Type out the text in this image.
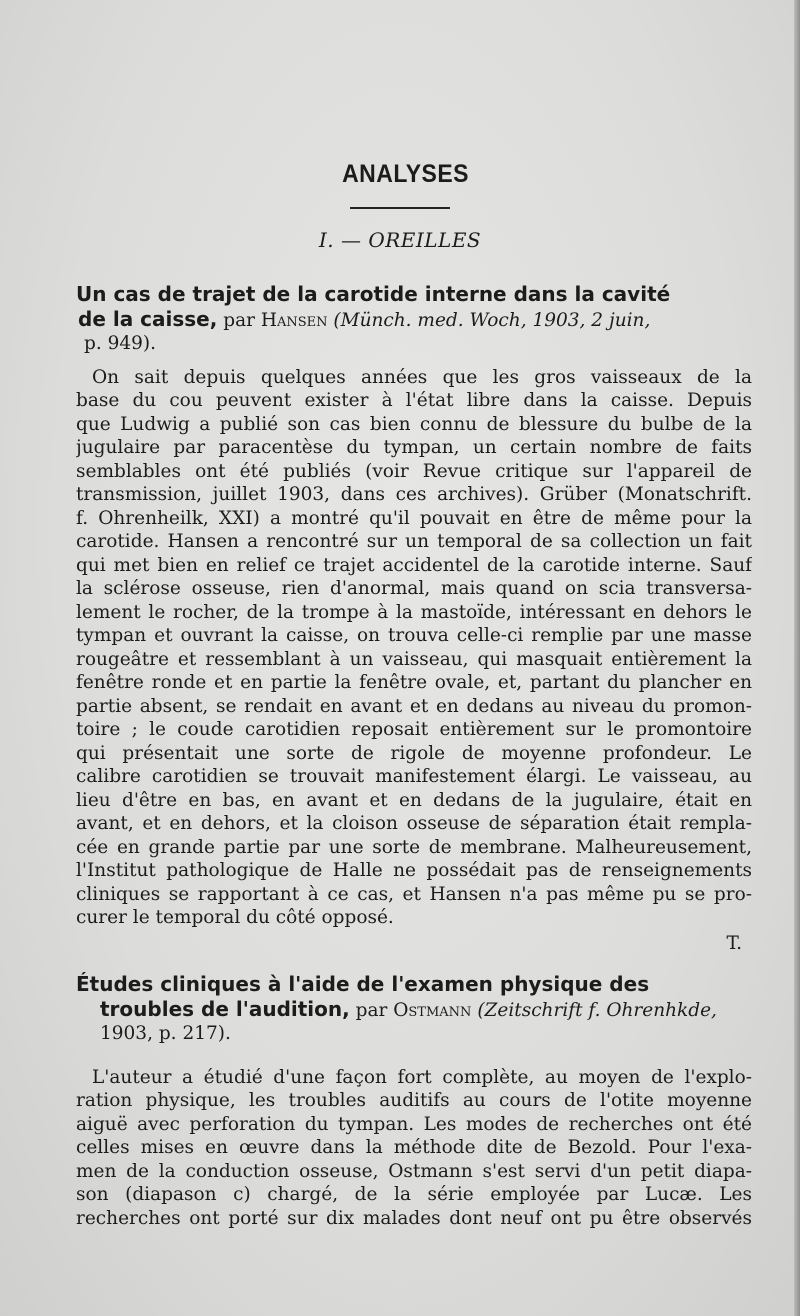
ANALYSES
I. — OREILLES
Un cas de trajet de la carotide interne dans la cavité
de la caisse, par Hansen (Münch. med. Woch, 1903, 2 juin,
p. 949).
On sait depuis quelques années que les gros vaisseaux de la
base du cou peuvent exister à l'état libre dans la caisse. Depuis
que Ludwig a publié son cas bien connu de blessure du bulbe de la
jugulaire par paracentèse du tympan, un certain nombre de faits
semblables ont été publiés (voir Revue critique sur l'appareil de
transmission, juillet 1903, dans ces archives). Grüber (Monatschrift.
f. Ohrenheilk, XXI) a montré qu'il pouvait en être de même pour la
carotide. Hansen a rencontré sur un temporal de sa collection un fait
qui met bien en relief ce trajet accidentel de la carotide interne. Sauf
la sclérose osseuse, rien d'anormal, mais quand on scia transversa-
lement le rocher, de la trompe à la mastoïde, intéressant en dehors le
tympan et ouvrant la caisse, on trouva celle-ci remplie par une masse
rougeâtre et ressemblant à un vaisseau, qui masquait entièrement la
fenêtre ronde et en partie la fenêtre ovale, et, partant du plancher en
partie absent, se rendait en avant et en dedans au niveau du promon-
toire ; le coude carotidien reposait entièrement sur le promontoire
qui présentait une sorte de rigole de moyenne profondeur. Le
calibre carotidien se trouvait manifestement élargi. Le vaisseau, au
lieu d'être en bas, en avant et en dedans de la jugulaire, était en
avant, et en dehors, et la cloison osseuse de séparation était rempla-
cée en grande partie par une sorte de membrane. Malheureusement,
l'Institut pathologique de Halle ne possédait pas de renseignements
cliniques se rapportant à ce cas, et Hansen n'a pas même pu se pro-
curer le temporal du côté opposé.
T.
Études cliniques à l'aide de l'examen physique des
troubles de l'audition, par Ostmann (Zeitschrift f. Ohrenhkde,
1903, p. 217).
L'auteur a étudié d'une façon fort complète, au moyen de l'explo-
ration physique, les troubles auditifs au cours de l'otite moyenne
aiguë avec perforation du tympan. Les modes de recherches ont été
celles mises en œuvre dans la méthode dite de Bezold. Pour l'exa-
men de la conduction osseuse, Ostmann s'est servi d'un petit diapa-
son (diapason c) chargé, de la série employée par Lucæ. Les
recherches ont porté sur dix malades dont neuf ont pu être observés
